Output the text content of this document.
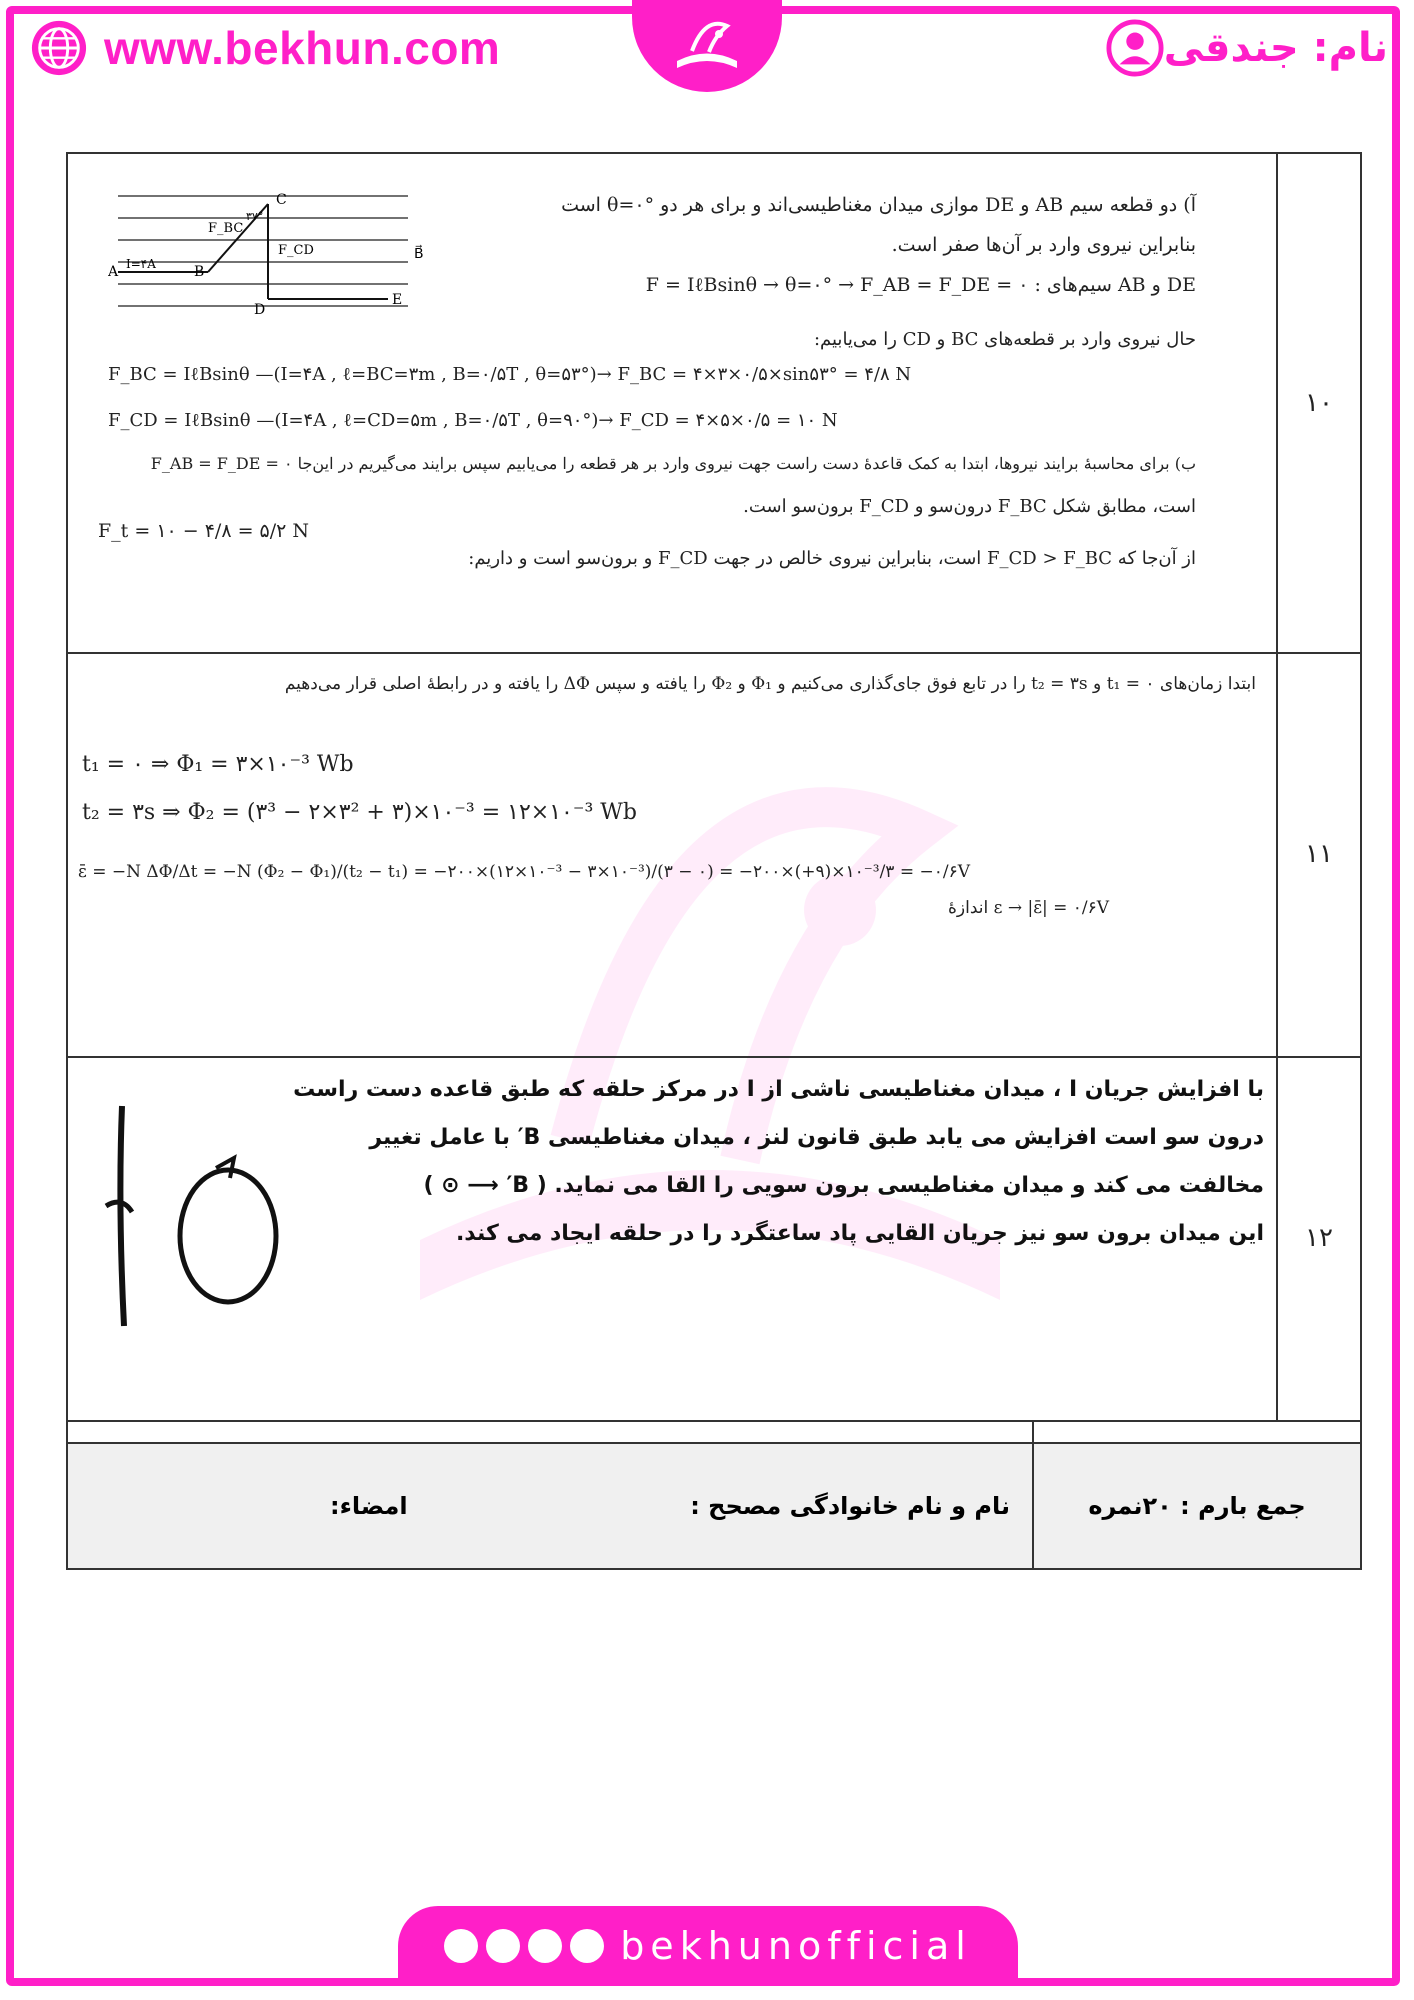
www.bekhun.com	نام: جندقی
C
D
E
A I=۴A	B
F_BC
F_CD	B⃗
۳۷°
آ) دو قطعه سیم AB و DE موازی میدان مغناطیسی‌اند و برای هر دو θ=۰° است
بنابراین نیروی وارد بر آن‌ها صفر است.
DE و AB سیم‌های : F = IℓBsinθ → θ=۰° → F_AB = F_DE = ۰
حال نیروی وارد بر قطعه‌های BC و CD را می‌یابیم:
F_BC = IℓBsinθ —(I=۴A , ℓ=BC=۳m , B=۰/۵T , θ=۵۳°)→ F_BC = ۴×۳×۰/۵×sin۵۳° = ۴/۸ N
F_CD = IℓBsinθ —(I=۴A , ℓ=CD=۵m , B=۰/۵T , θ=۹۰°)→ F_CD = ۴×۵×۰/۵ = ۱۰ N
ب) برای محاسبهٔ برایند نیروها، ابتدا به کمک قاعدهٔ دست راست جهت نیروی وارد بر هر قطعه را می‌یابیم سپس برایند می‌گیریم در این‌جا F_AB = F_DE = ۰
است، مطابق شکل F_BC درون‌سو و F_CD برون‌سو است.
F_t = ۱۰ − ۴/۸ = ۵/۲ N
از آن‌جا که F_CD > F_BC است، بنابراین نیروی خالص در جهت F_CD و برون‌سو است و داریم:
۱۰
ابتدا زمان‌های t₁ = ۰ و t₂ = ۳s را در تابع فوق جای‌گذاری می‌کنیم و Φ₁ و Φ₂ را یافته و سپس ΔΦ را یافته و در رابطهٔ اصلی قرار می‌دهیم
t₁ = ۰ ⇒ Φ₁ = ۳×۱۰⁻³ Wb
t₂ = ۳s ⇒ Φ₂ = (۳³ − ۲×۳² + ۳)×۱۰⁻³ = ۱۲×۱۰⁻³ Wb
ε̄ = −N ΔΦ/Δt = −N (Φ₂ − Φ₁)/(t₂ − t₁) = −۲۰۰×(۱۲×۱۰⁻³ − ۳×۱۰⁻³)/(۳ − ۰) = −۲۰۰×(+۹)×۱۰⁻³/۳ = −۰/۶V
اندازهٔ ε → |ε̄| = ۰/۶V
۱۱
با افزایش جریان I ، میدان مغناطیسی ناشی از I در مرکز حلقه که طبق قاعده دست راست
درون سو است افزایش می یابد طبق قانون لنز ، میدان مغناطیسی B′ با عامل تغییر
مخالفت می کند و میدان مغناطیسی برون سویی را القا می نماید. ( B′ ⟶ ⊙ )
این میدان برون سو نیز جریان القایی پاد ساعتگرد را در حلقه ایجاد می کند.	۱۲
جمع بارم : ۲۰نمره
نام و نام خانوادگی مصحح :
امضاء:
bekhunofficial
